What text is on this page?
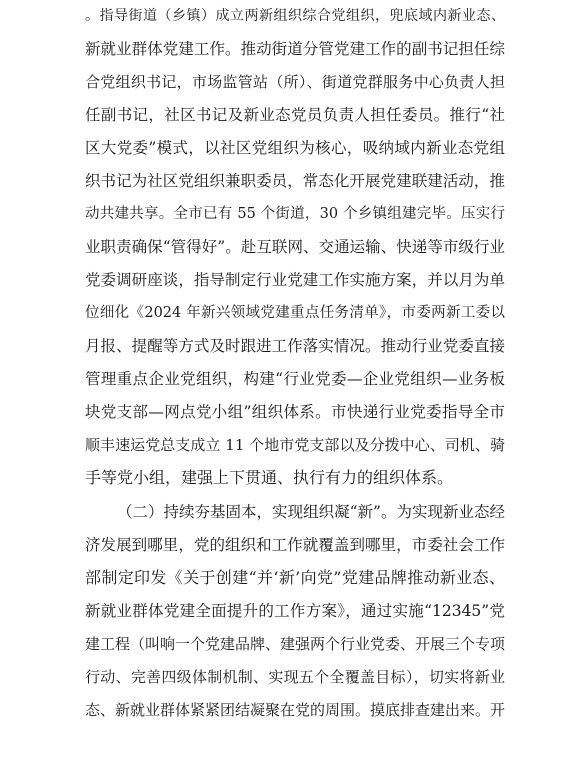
。指导街道（乡镇）成立两新组织综合党组织，兜底域内新业态、
新就业群体党建工作。推动街道分管党建工作的副书记担任综
合党组织书记，市场监管站（所）、街道党群服务中心负责人担
任副书记，社区书记及新业态党员负责人担任委员。推行“社
区大党委”模式，以社区党组织为核心，吸纳域内新业态党组
织书记为社区党组织兼职委员，常态化开展党建联建活动，推
动共建共享。全市已有 55 个街道，30 个乡镇组建完毕。压实行
业职责确保“管得好”。赴互联网、交通运输、快递等市级行业
党委调研座谈，指导制定行业党建工作实施方案，并以月为单
位细化《2024 年新兴领域党建重点任务清单》，市委两新工委以
月报、提醒等方式及时跟进工作落实情况。推动行业党委直接
管理重点企业党组织，构建“行业党委—企业党组织—业务板
块党支部—网点党小组”组织体系。市快递行业党委指导全市
顺丰速运党总支成立 11 个地市党支部以及分拨中心、司机、骑
手等党小组，建强上下贯通、执行有力的组织体系。
（二）持续夯基固本，实现组织凝“新”。为实现新业态经
济发展到哪里，党的组织和工作就覆盖到哪里，市委社会工作
部制定印发《关于创建“并‘新’向党”党建品牌推动新业态、
新就业群体党建全面提升的工作方案》，通过实施“12345”党
建工程（叫响一个党建品牌、建强两个行业党委、开展三个专项
行动、完善四级体制机制、实现五个全覆盖目标），切实将新业
态、新就业群体紧紧团结凝聚在党的周围。摸底排查建出来。开
